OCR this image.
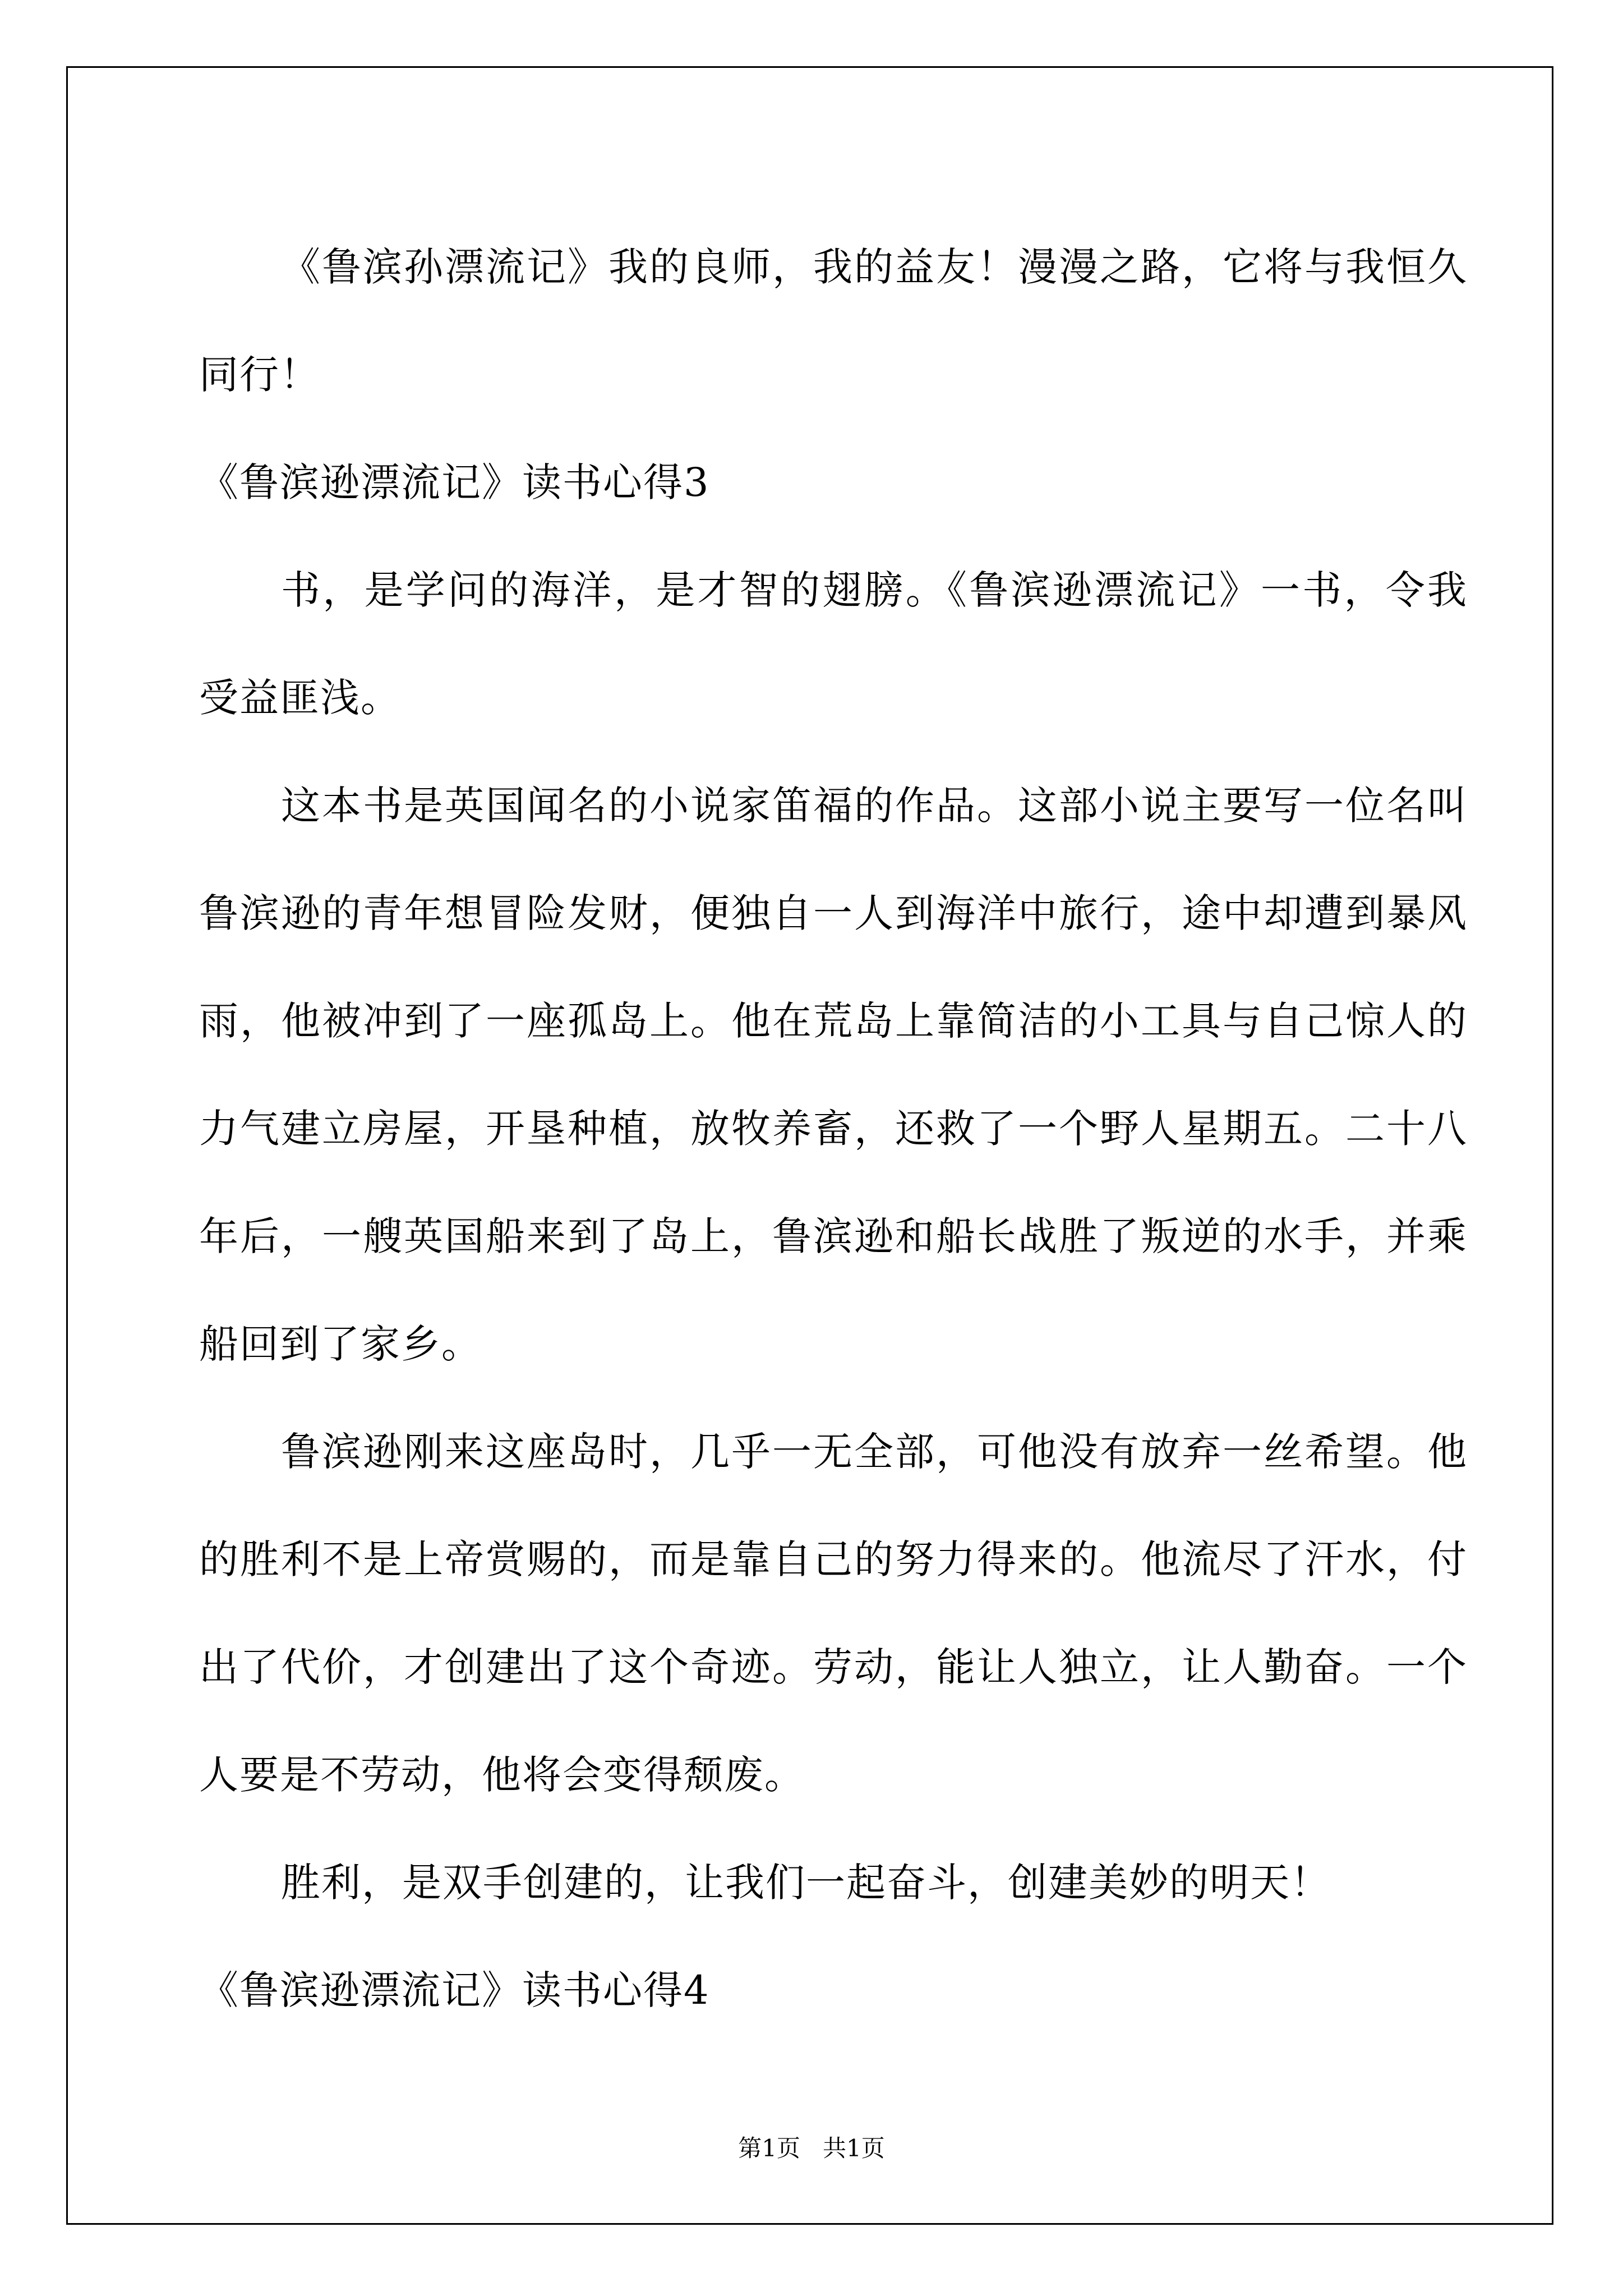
《鲁滨孙漂流记》我的良师，我的益友！漫漫之路，它将与我恒久同行！

《鲁滨逊漂流记》读书心得3

书，是学问的海洋，是才智的翅膀。《鲁滨逊漂流记》一书，令我受益匪浅。

这本书是英国闻名的小说家笛福的作品。这部小说主要写一位名叫鲁滨逊的青年想冒险发财，便独自一人到海洋中旅行，途中却遭到暴风雨，他被冲到了一座孤岛上。他在荒岛上靠简洁的小工具与自己惊人的力气建立房屋，开垦种植，放牧养畜，还救了一个野人星期五。二十八年后，一艘英国船来到了岛上，鲁滨逊和船长战胜了叛逆的水手，并乘船回到了家乡。

鲁滨逊刚来这座岛时，几乎一无全部，可他没有放弃一丝希望。他的胜利不是上帝赏赐的，而是靠自己的努力得来的。他流尽了汗水，付出了代价，才创建出了这个奇迹。劳动，能让人独立，让人勤奋。一个人要是不劳动，他将会变得颓废。

胜利，是双手创建的，让我们一起奋斗，创建美妙的明天！

《鲁滨逊漂流记》读书心得4

第1页   共1页
